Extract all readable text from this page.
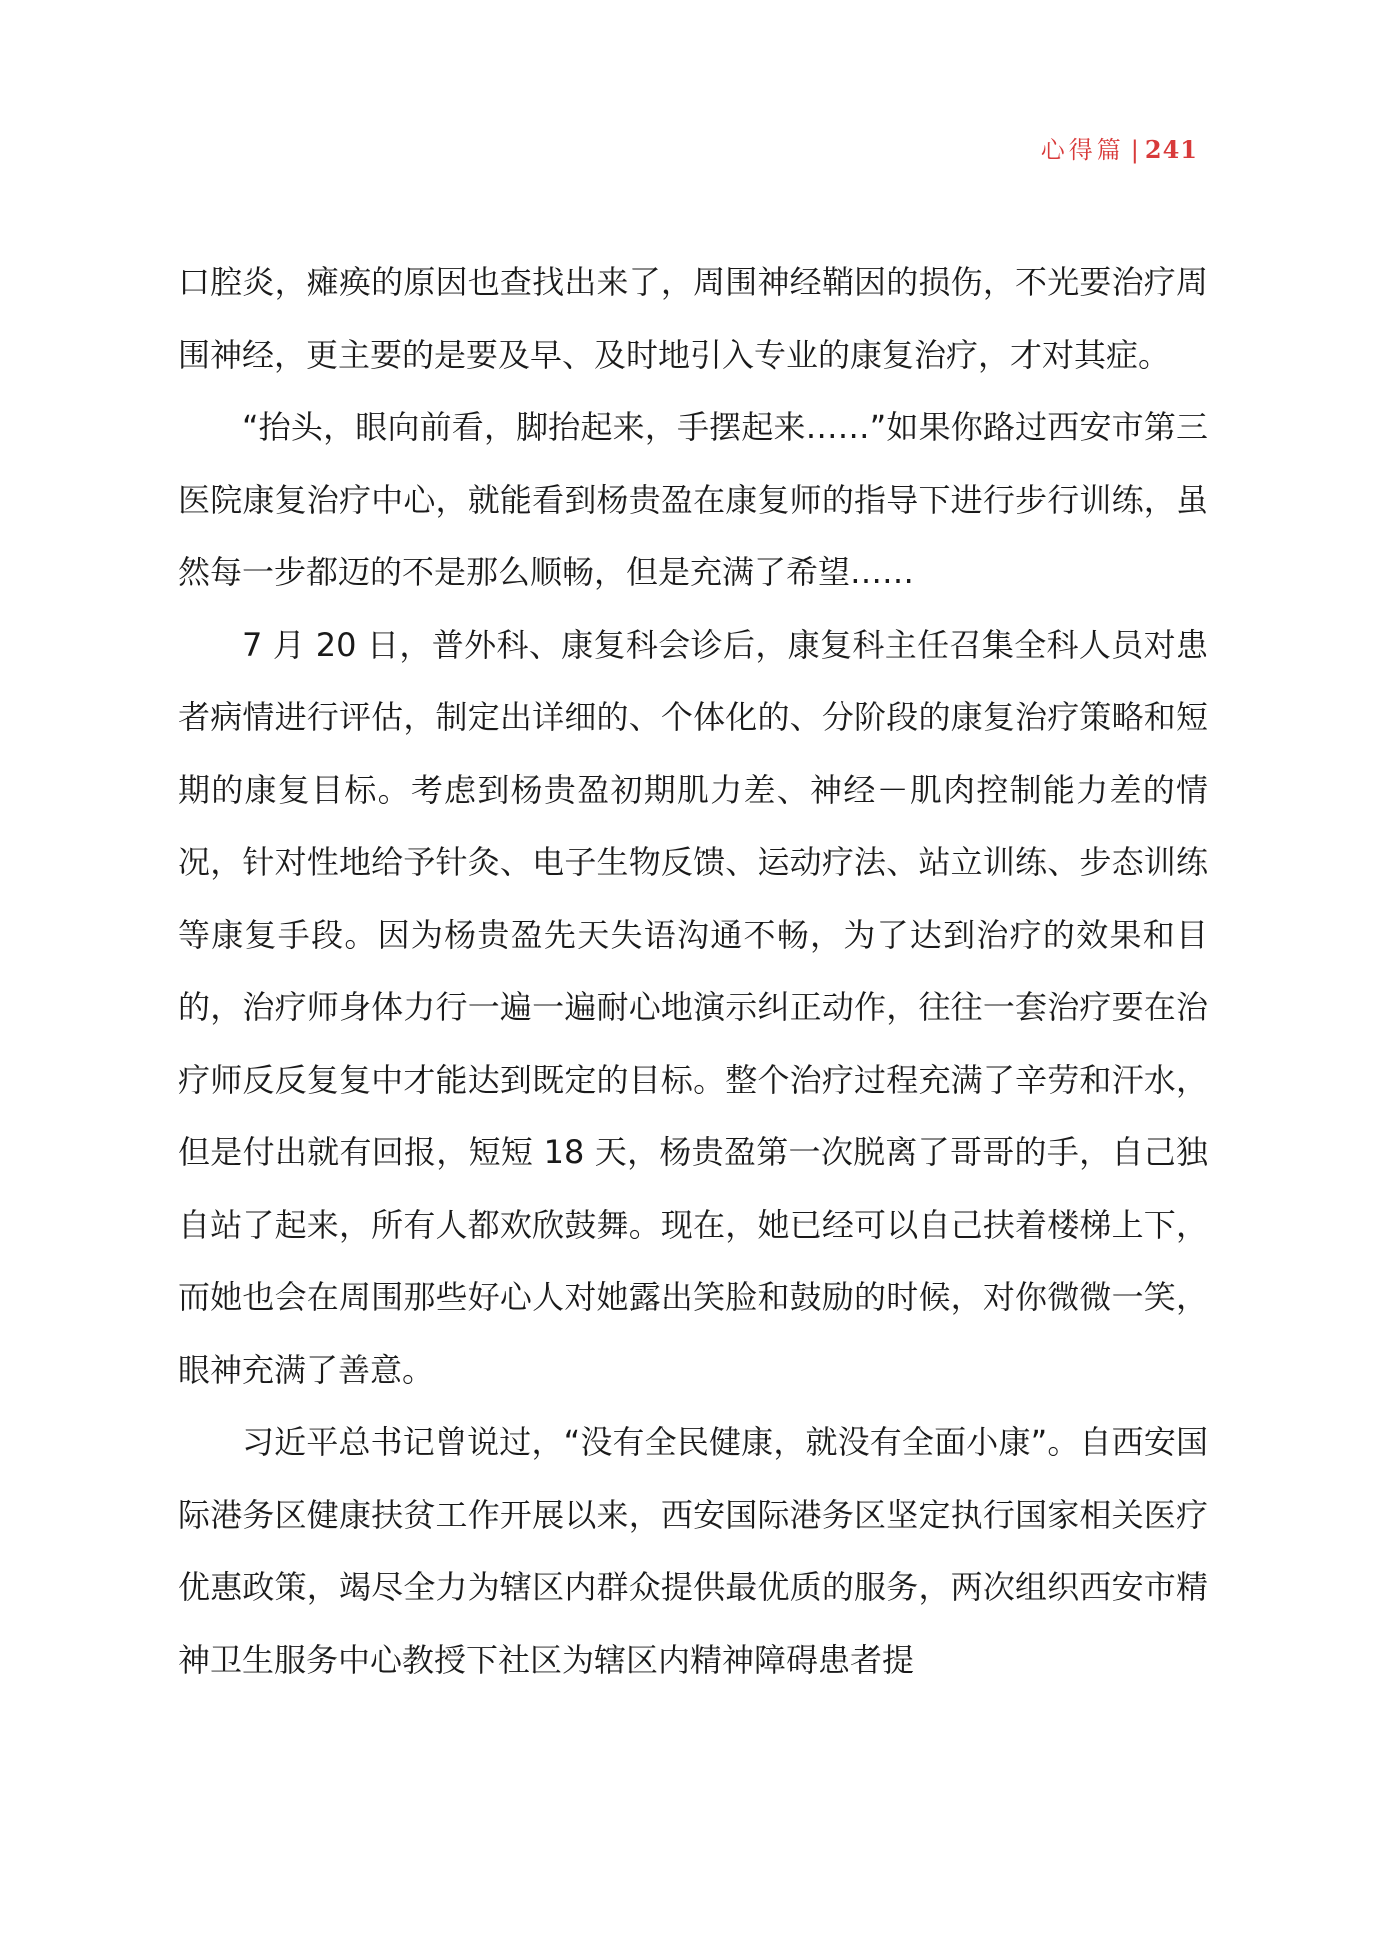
心得篇 | 241

口腔炎，瘫痪的原因也查找出来了，周围神经鞘因的损伤，不光要治疗周围神经，更主要的是要及早、及时地引入专业的康复治疗，才对其症。

“抬头，眼向前看，脚抬起来，手摆起来……”如果你路过西安市第三医院康复治疗中心，就能看到杨贵盈在康复师的指导下进行步行训练，虽然每一步都迈的不是那么顺畅，但是充满了希望……

7 月 20 日，普外科、康复科会诊后，康复科主任召集全科人员对患者病情进行评估，制定出详细的、个体化的、分阶段的康复治疗策略和短期的康复目标。考虑到杨贵盈初期肌力差、神经－肌肉控制能力差的情况，针对性地给予针灸、电子生物反馈、运动疗法、站立训练、步态训练等康复手段。因为杨贵盈先天失语沟通不畅，为了达到治疗的效果和目的，治疗师身体力行一遍一遍耐心地演示纠正动作，往往一套治疗要在治疗师反反复复中才能达到既定的目标。整个治疗过程充满了辛劳和汗水，但是付出就有回报，短短 18 天，杨贵盈第一次脱离了哥哥的手，自己独自站了起来，所有人都欢欣鼓舞。现在，她已经可以自己扶着楼梯上下，而她也会在周围那些好心人对她露出笑脸和鼓励的时候，对你微微一笑，眼神充满了善意。

习近平总书记曾说过，“没有全民健康，就没有全面小康”。自西安国际港务区健康扶贫工作开展以来，西安国际港务区坚定执行国家相关医疗优惠政策，竭尽全力为辖区内群众提供最优质的服务，两次组织西安市精神卫生服务中心教授下社区为辖区内精神障碍患者提
